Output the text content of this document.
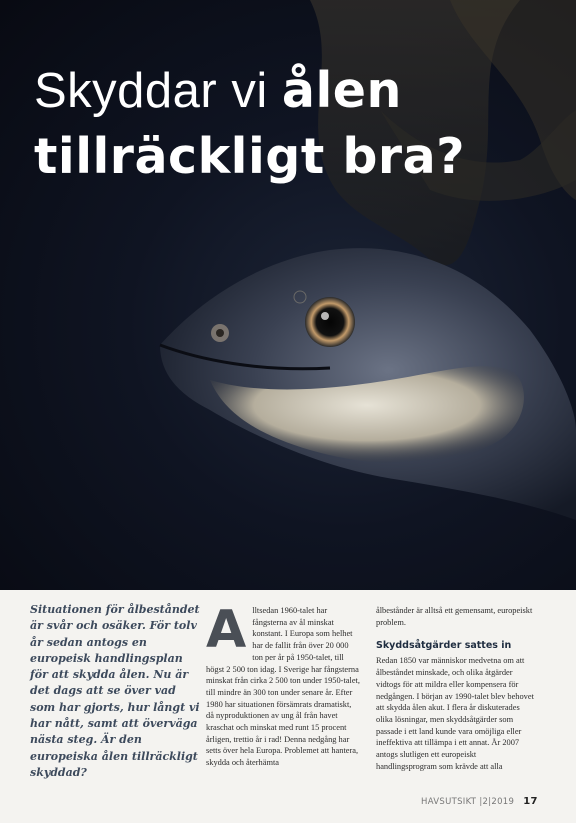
Skyddar vi ålen
tillräckligt bra?
Situationen för ålbeståndet är svår och osäker. För tolv år sedan antogs en europeisk handlingsplan för att skydda ålen. Nu är det dags att se över vad som har gjorts, hur långt vi har nått, samt att överväga nästa steg. Är den europeiska ålen tillräckligt skyddad?
Alltsedan 1960-talet har fångsterna av ål minskat konstant. I Europa som helhet har de fallit från över 20 000 ton per år på 1950-talet, till högst 2 500 ton idag. I Sverige har fångsterna minskat från cirka 2 500 ton under 1950-talet, till mindre än 300 ton under senare år. Efter 1980 har situationen försämrats dramatiskt, då nyproduktionen av ung ål från havet kraschat och minskat med runt 15 procent årligen, trettio år i rad! Denna nedgång har setts över hela Europa. Problemet att hantera, skydda och återhämta
ålbestånder är alltså ett gemensamt, europeiskt problem.
Skyddsåtgärder sattes in
Redan 1850 var människor medvetna om att ålbeståndet minskade, och olika åtgärder vidtogs för att mildra eller kompensera för nedgången. I början av 1990-talet blev behovet att skydda ålen akut. I flera år diskuterades olika lösningar, men skyddsåtgärder som passade i ett land kunde vara omöjliga eller ineffektiva att tillämpa i ett annat. År 2007 antogs slutligen ett europeiskt handlingsprogram som krävde att alla
HAVSUTSIKT |2|2019 17
